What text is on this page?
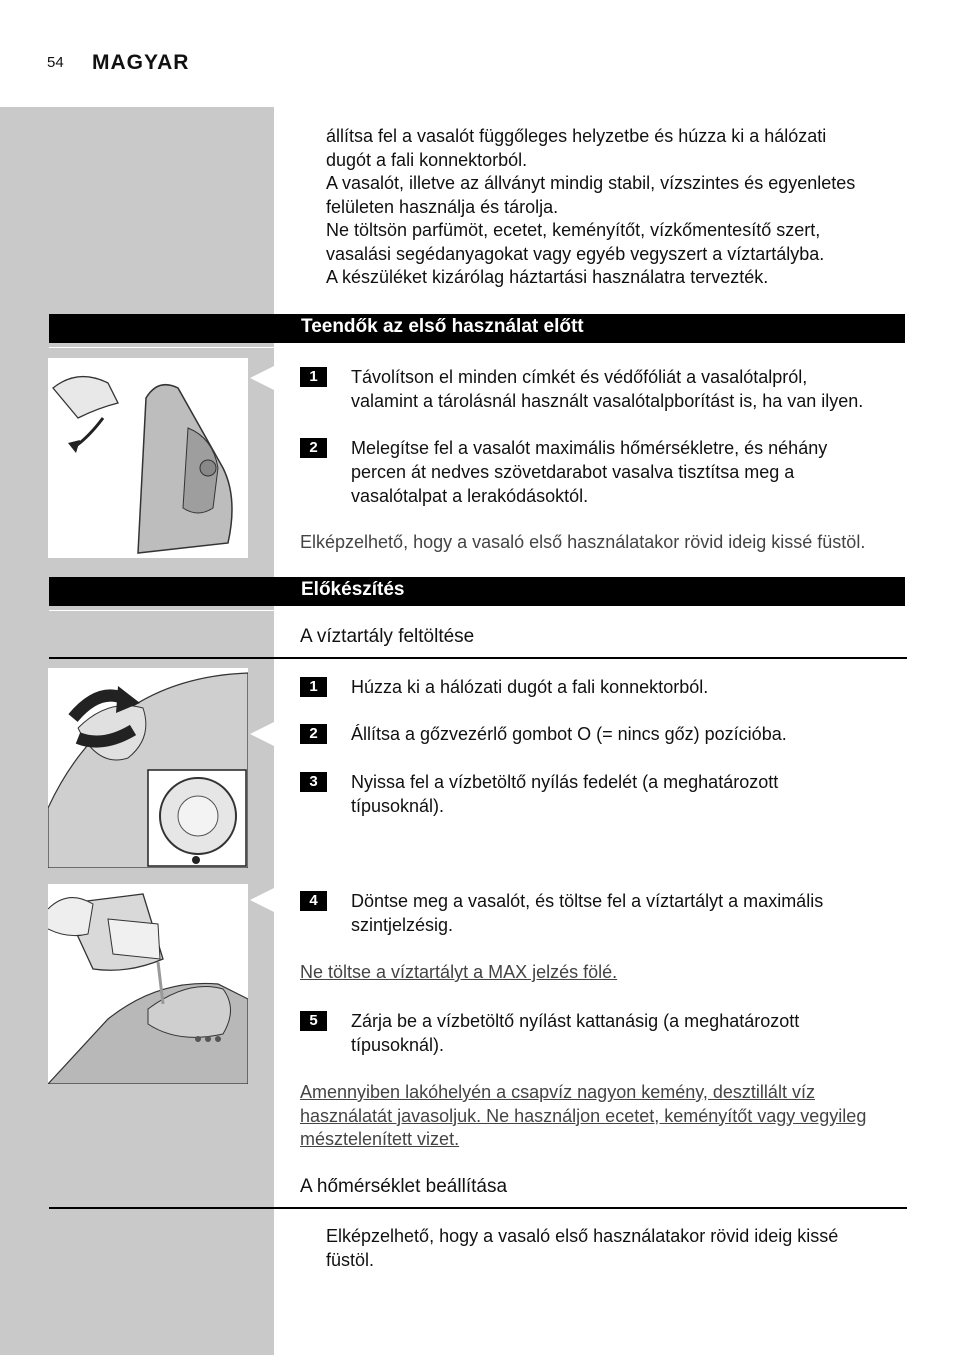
54 MAGYAR

állítsa fel a vasalót függőleges helyzetbe és húzza ki a hálózati

dugót a fali konnektorból.

A vasalót, illetve az állványt mindig stabil, vízszintes és egyenletes

felületen használja és tárolja.

Ne töltsön parfümöt, ecetet, keményítőt, vízkőmentesítő szert,

vasalási segédanyagokat vagy egyéb vegyszert a víztartályba.

A készüléket kizárólag háztartási használatra tervezték.

Teendők az első használat előtt
1	Távolítson el minden címkét és védőfóliát a vasalótalpról,
valamint a tárolásnál használt vasalótalpborítást is, ha van ilyen.
2	Melegítse fel a vasalót maximális hőmérsékletre, és néhány
percen át nedves szövetdarabot vasalva tisztítsa meg a
vasalótalpat a lerakódásoktól.
Elképzelhető, hogy a vasaló első használatakor rövid ideig kissé füstöl.
Előkészítés
A víztartály feltöltése
1	Húzza ki a hálózati dugót a fali konnektorból.
2	Állítsa a gőzvezérlő gombot O (= nincs gőz) pozícióba.
3	Nyissa fel a vízbetöltő nyílás fedelét (a meghatározott
típusoknál).
4	Döntse meg a vasalót, és töltse fel a víztartályt a maximális
szintjelzésig.
Ne töltse a víztartályt a MAX jelzés fölé.
5	Zárja be a vízbetöltő nyílást kattanásig (a meghatározott
típusoknál).
Amennyiben lakóhelyén a csapvíz nagyon kemény, desztillált víz
használatát javasoljuk. Ne használjon ecetet, keményítőt vagy vegyileg
mésztelenített vizet.
A hőmérséklet beállítása

Elképzelhető, hogy a vasaló első használatakor rövid ideig kissé

füstöl.
